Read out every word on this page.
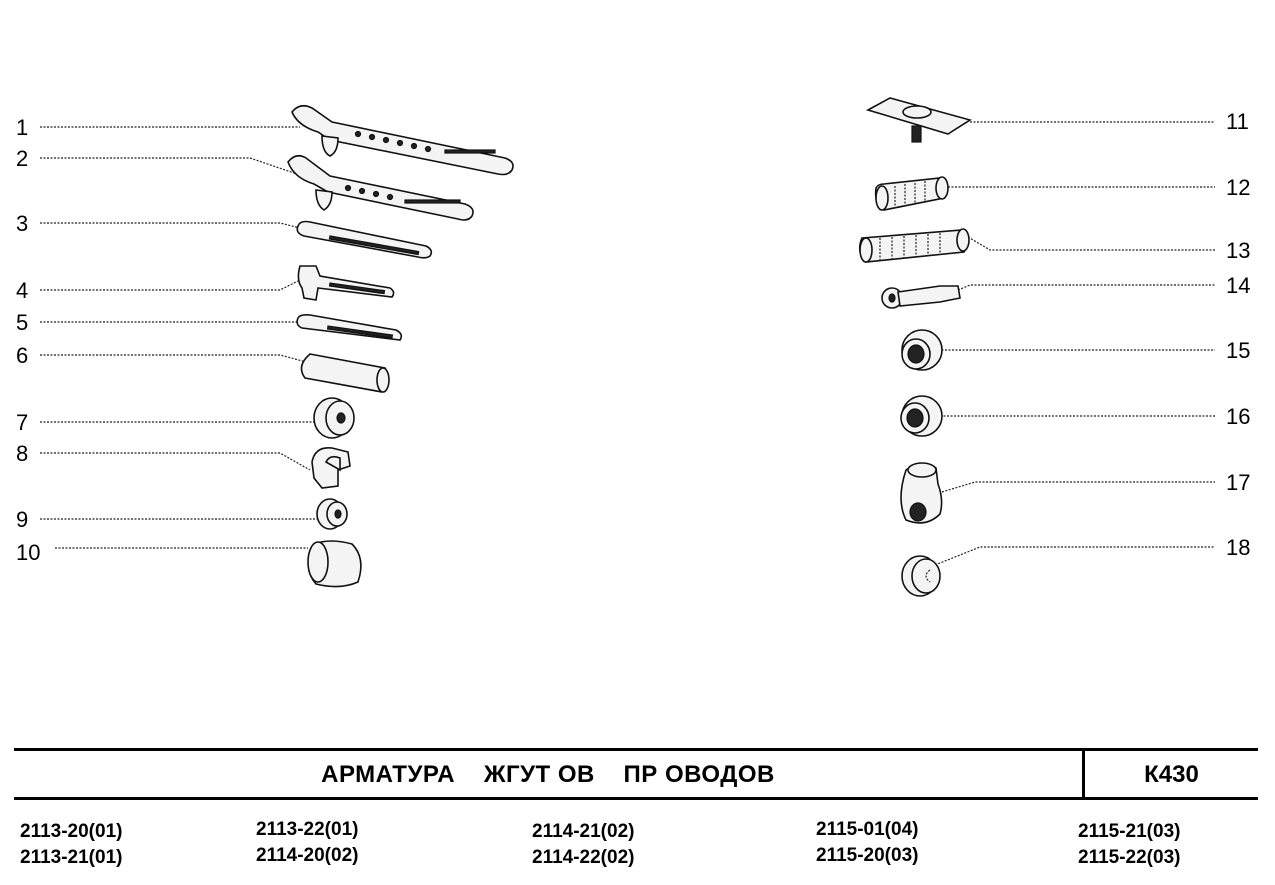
1
2
3
4
5
6
7
8
9
10
11
12
13
14
15
16
17
18
АРМАТУРА ЖГУТ ОВ ПР ОВОДОВ	К430
2113-20(01)
2113-21(01)
2113-22(01)
2114-20(02)
2114-21(02)
2114-22(02)
2115-01(04)
2115-20(03)
2115-21(03)
2115-22(03)
